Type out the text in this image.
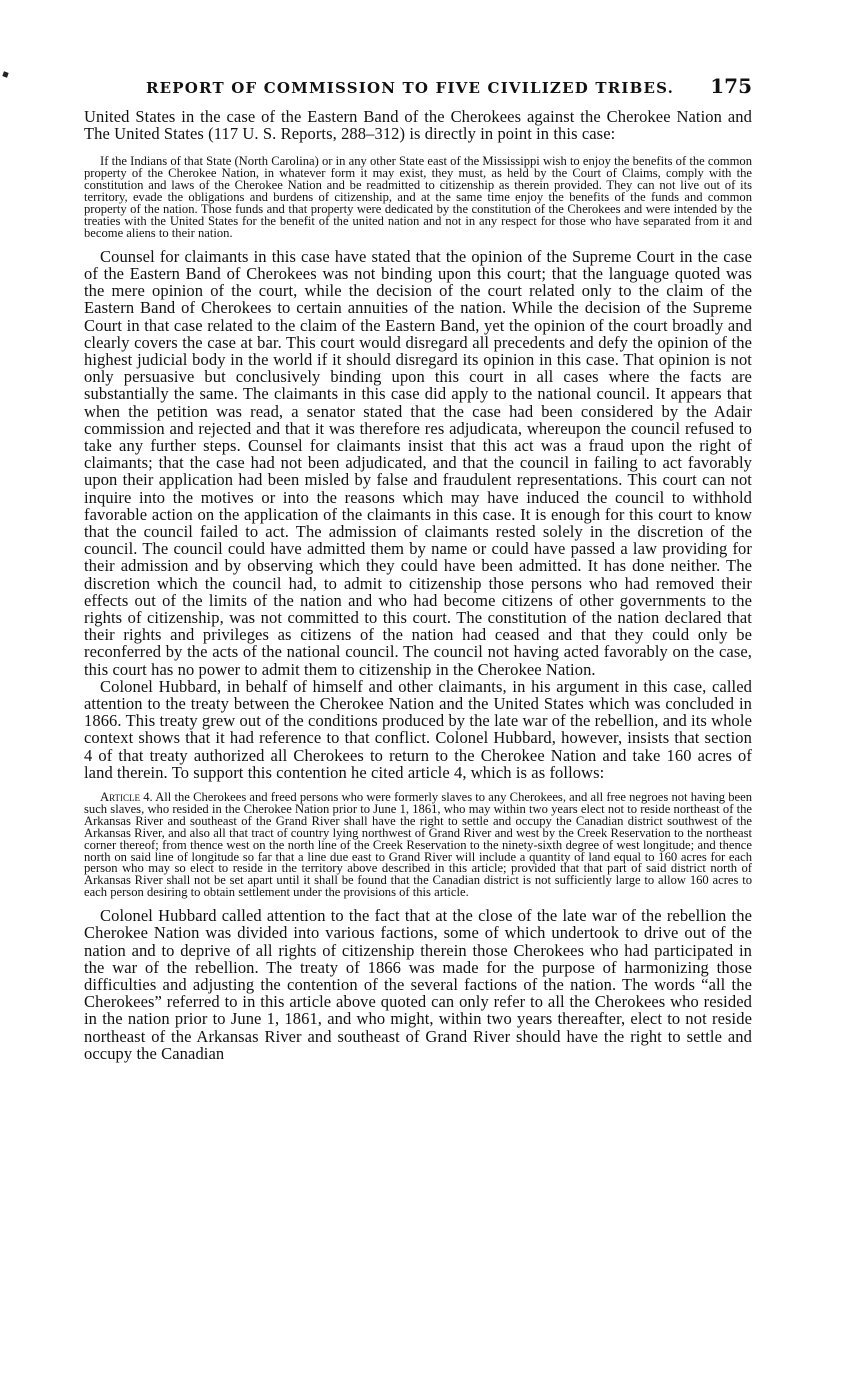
REPORT OF COMMISSION TO FIVE CIVILIZED TRIBES. 175

United States in the case of the Eastern Band of the Cherokees against the Cherokee Nation and The United States (117 U. S. Reports, 288–312) is directly in point in this case:

If the Indians of that State (North Carolina) or in any other State east of the Mississippi wish to enjoy the benefits of the common property of the Cherokee Nation, in whatever form it may exist, they must, as held by the Court of Claims, comply with the constitution and laws of the Cherokee Nation and be readmitted to citizenship as therein provided. They can not live out of its territory, evade the obligations and burdens of citizenship, and at the same time enjoy the benefits of the funds and common property of the nation. Those funds and that property were dedicated by the constitution of the Cherokees and were intended by the treaties with the United States for the benefit of the united nation and not in any respect for those who have separated from it and become aliens to their nation.

Counsel for claimants in this case have stated that the opinion of the Supreme Court in the case of the Eastern Band of Cherokees was not binding upon this court; that the language quoted was the mere opinion of the court, while the decision of the court related only to the claim of the Eastern Band of Cherokees to certain annuities of the nation. While the decision of the Supreme Court in that case related to the claim of the Eastern Band, yet the opinion of the court broadly and clearly covers the case at bar. This court would disregard all precedents and defy the opinion of the highest judicial body in the world if it should disregard its opinion in this case. That opinion is not only persuasive but conclusively binding upon this court in all cases where the facts are substantially the same. The claimants in this case did apply to the national council. It appears that when the petition was read, a senator stated that the case had been considered by the Adair commission and rejected and that it was therefore res adjudicata, whereupon the council refused to take any further steps. Counsel for claimants insist that this act was a fraud upon the right of claimants; that the case had not been adjudicated, and that the council in failing to act favorably upon their application had been misled by false and fraudulent representations. This court can not inquire into the motives or into the reasons which may have induced the council to withhold favorable action on the application of the claimants in this case. It is enough for this court to know that the council failed to act. The admission of claimants rested solely in the discretion of the council. The council could have admitted them by name or could have passed a law providing for their admission and by observing which they could have been admitted. It has done neither. The discretion which the council had, to admit to citizenship those persons who had removed their effects out of the limits of the nation and who had become citizens of other governments to the rights of citizenship, was not committed to this court. The constitution of the nation declared that their rights and privileges as citizens of the nation had ceased and that they could only be reconferred by the acts of the national council. The council not having acted favorably on the case, this court has no power to admit them to citizenship in the Cherokee Nation.

Colonel Hubbard, in behalf of himself and other claimants, in his argument in this case, called attention to the treaty between the Cherokee Nation and the United States which was concluded in 1866. This treaty grew out of the conditions produced by the late war of the rebellion, and its whole context shows that it had reference to that conflict. Colonel Hubbard, however, insists that section 4 of that treaty authorized all Cherokees to return to the Cherokee Nation and take 160 acres of land therein. To support this contention he cited article 4, which is as follows:

Article 4. All the Cherokees and freed persons who were formerly slaves to any Cherokees, and all free negroes not having been such slaves, who resided in the Cherokee Nation prior to June 1, 1861, who may within two years elect not to reside northeast of the Arkansas River and southeast of the Grand River shall have the right to settle and occupy the Canadian district southwest of the Arkansas River, and also all that tract of country lying northwest of Grand River and west by the Creek Reservation to the northeast corner thereof; from thence west on the north line of the Creek Reservation to the ninety-sixth degree of west longitude; and thence north on said line of longitude so far that a line due east to Grand River will include a quantity of land equal to 160 acres for each person who may so elect to reside in the territory above described in this article; provided that that part of said district north of Arkansas River shall not be set apart until it shall be found that the Canadian district is not sufficiently large to allow 160 acres to each person desiring to obtain settlement under the provisions of this article.

Colonel Hubbard called attention to the fact that at the close of the late war of the rebellion the Cherokee Nation was divided into various factions, some of which undertook to drive out of the nation and to deprive of all rights of citizenship therein those Cherokees who had participated in the war of the rebellion. The treaty of 1866 was made for the purpose of harmonizing those difficulties and adjusting the contention of the several factions of the nation. The words “all the Cherokees” referred to in this article above quoted can only refer to all the Cherokees who resided in the nation prior to June 1, 1861, and who might, within two years thereafter, elect to not reside northeast of the Arkansas River and southeast of Grand River should have the right to settle and occupy the Canadian
